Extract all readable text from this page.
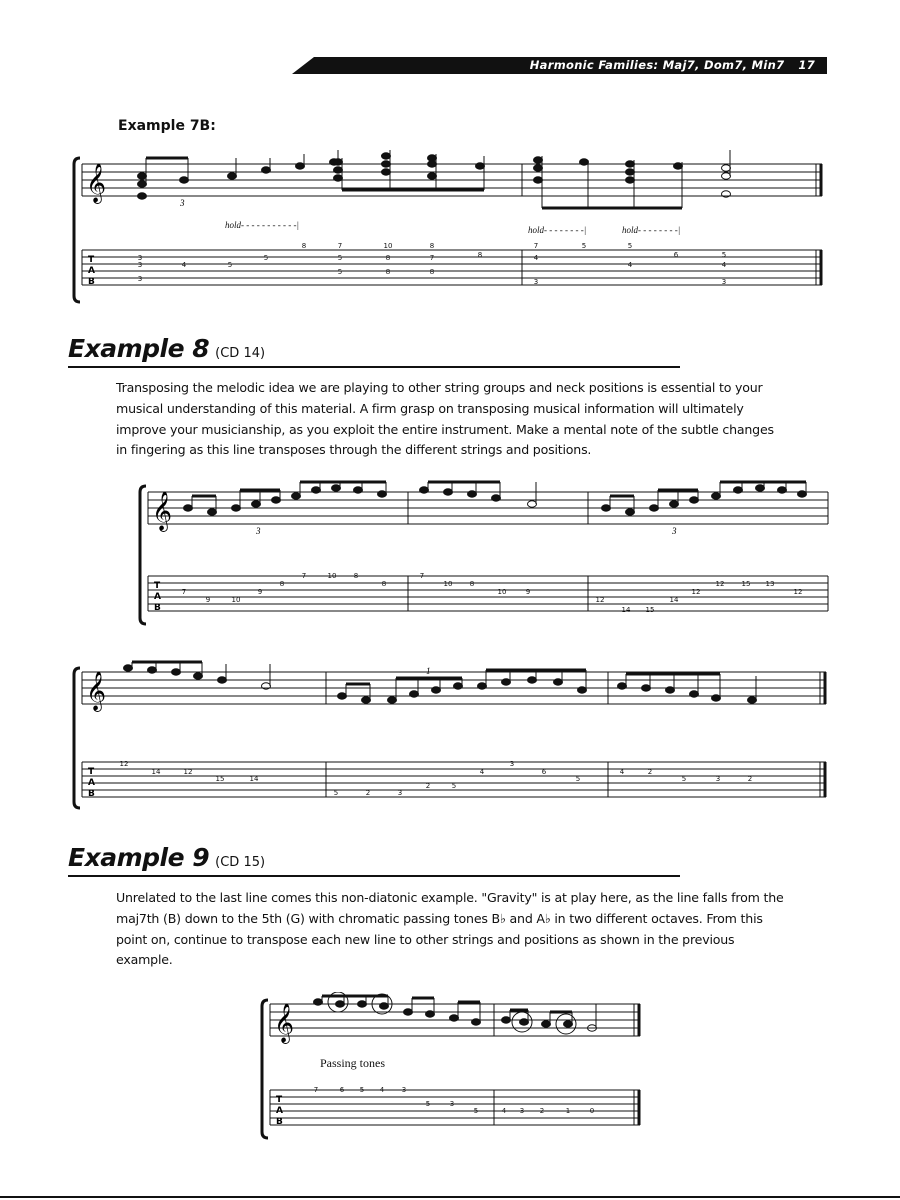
Harmonic Families: Maj7, Dom7, Min7 17
Example 7B:
𝄞
T
A
B
3
3
3
3
4	5
5
8	7
5
5
10
8
8
8
7
8
8
7
4
3
5	5
4
6	5
4
3
hold- - - - - - - - - - -|	hold- - - - - - - -|	hold- - - - - - - -|
Example 8 (CD 14)
Transposing the melodic idea we are playing to other string groups and neck positions is essential to your musical understanding of this material. A firm grasp on transposing musical information will ultimately improve your musicianship, as you exploit the entire instrument. Make a mental note of the subtle changes in fingering as this line transposes through the different strings and positions.
𝄞
T
A
B
3	3
7
9	10
9
8
7	10 8
8
7
10 8
10	9
12
14 15
14
12
12 15 13
12
𝄞
T
A
B
1
12
14	12
15	14
5	2	3
2	5
4
3
6
5
4	2
5	3	2
Example 9 (CD 15)
Unrelated to the last line comes this non-diatonic example. "Gravity" is at play here, as the line falls from the maj7th (B) down to the 5th (G) with chromatic passing tones B♭ and A♭ in two different octaves. From this point on, continue to transpose each new line to other strings and positions as shown in the previous example.
𝄞
T
A
B
7	6 5 4	3
5	3
5	4 3 2	1	0
Passing tones
